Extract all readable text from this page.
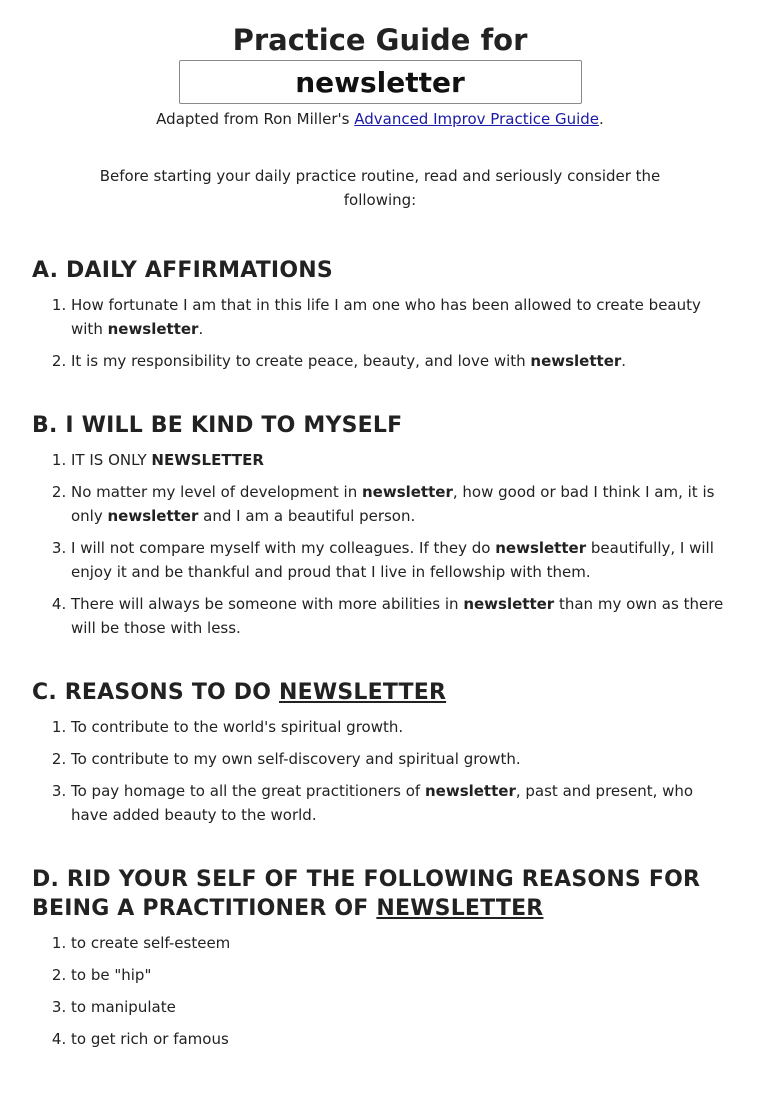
Practice Guide for
newsletter
Adapted from Ron Miller's Advanced Improv Practice Guide.
Before starting your daily practice routine, read and seriously consider the following:
A. DAILY AFFIRMATIONS
1. How fortunate I am that in this life I am one who has been allowed to create beauty with newsletter.
2. It is my responsibility to create peace, beauty, and love with newsletter.
B. I WILL BE KIND TO MYSELF
1. IT IS ONLY NEWSLETTER
2. No matter my level of development in newsletter, how good or bad I think I am, it is only newsletter and I am a beautiful person.
3. I will not compare myself with my colleagues. If they do newsletter beautifully, I will enjoy it and be thankful and proud that I live in fellowship with them.
4. There will always be someone with more abilities in newsletter than my own as there will be those with less.
C. REASONS TO DO NEWSLETTER
1. To contribute to the world's spiritual growth.
2. To contribute to my own self-discovery and spiritual growth.
3. To pay homage to all the great practitioners of newsletter, past and present, who have added beauty to the world.
D. RID YOUR SELF OF THE FOLLOWING REASONS FOR BEING A PRACTITIONER OF NEWSLETTER
1. to create self-esteem
2. to be "hip"
3. to manipulate
4. to get rich or famous
